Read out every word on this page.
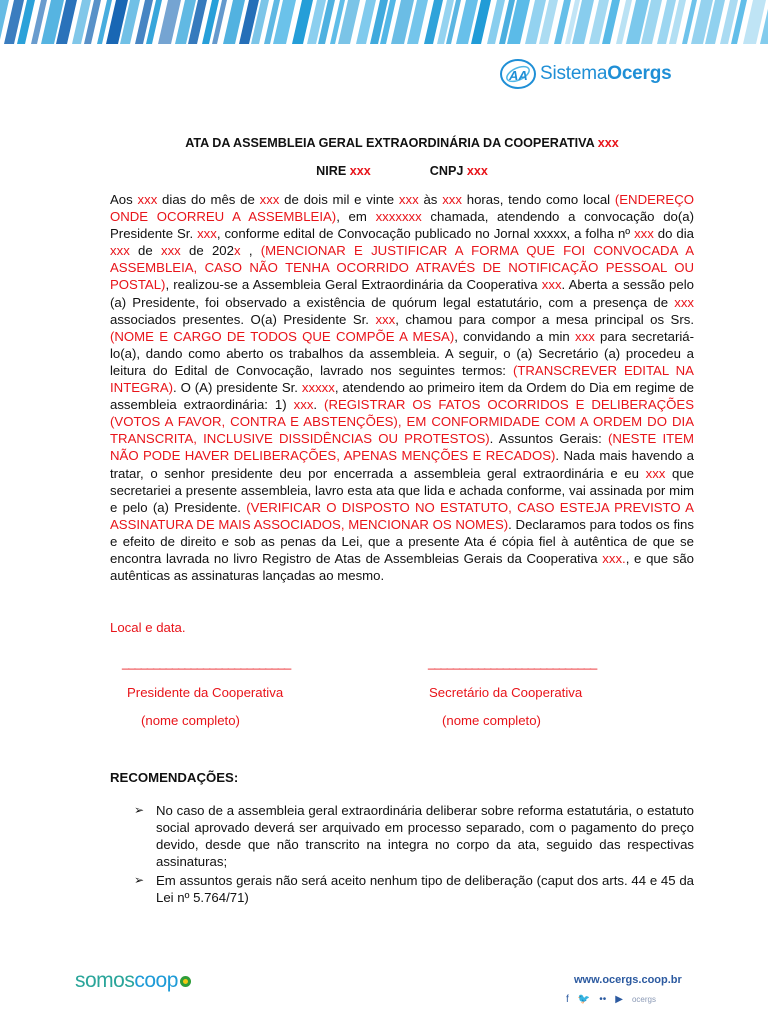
AA SistemaOcergs
ATA DA ASSEMBLEIA GERAL EXTRAORDINÁRIA DA COOPERATIVA xxx
NIRE xxx	CNPJ xxx
Aos xxx dias do mês de xxx de dois mil e vinte xxx às xxx horas, tendo como local (ENDEREÇO ONDE OCORREU A ASSEMBLEIA), em xxxxxxx chamada, atendendo a convocação do(a) Presidente Sr. xxx, conforme edital de Convocação publicado no Jornal xxxxx, a folha nº xxx do dia xxx de xxx de 202x , (MENCIONAR E JUSTIFICAR A FORMA QUE FOI CONVOCADA A ASSEMBLEIA, CASO NÃO TENHA OCORRIDO ATRAVÉS DE NOTIFICAÇÃO PESSOAL OU POSTAL), realizou-se a Assembleia Geral Extraordinária da Cooperativa xxx. Aberta a sessão pelo (a) Presidente, foi observado a existência de quórum legal estatutário, com a presença de xxx associados presentes. O(a) Presidente Sr. xxx, chamou para compor a mesa principal os Srs. (NOME E CARGO DE TODOS QUE COMPÕE A MESA), convidando a min xxx para secretariá-lo(a), dando como aberto os trabalhos da assembleia. A seguir, o (a) Secretário (a) procedeu a leitura do Edital de Convocação, lavrado nos seguintes termos: (TRANSCREVER EDITAL NA INTEGRA). O (A) presidente Sr. xxxxx, atendendo ao primeiro item da Ordem do Dia em regime de assembleia extraordinária: 1) xxx. (REGISTRAR OS FATOS OCORRIDOS E DELIBERAÇÕES (VOTOS A FAVOR, CONTRA E ABSTENÇÕES), EM CONFORMIDADE COM A ORDEM DO DIA TRANSCRITA, INCLUSIVE DISSIDÊNCIAS OU PROTESTOS). Assuntos Gerais: (NESTE ITEM NÃO PODE HAVER DELIBERAÇÕES, APENAS MENÇÕES E RECADOS). Nada mais havendo a tratar, o senhor presidente deu por encerrada a assembleia geral extraordinária e eu xxx que secretariei a presente assembleia, lavro esta ata que lida e achada conforme, vai assinada por mim e pelo (a) Presidente. (VERIFICAR O DISPOSTO NO ESTATUTO, CASO ESTEJA PREVISTO A ASSINATURA DE MAIS ASSOCIADOS, MENCIONAR OS NOMES). Declaramos para todos os fins e efeito de direito e sob as penas da Lei, que a presente Ata é cópia fiel à autêntica de que se encontra lavrada no livro Registro de Atas de Assembleias Gerais da Cooperativa xxx., e que são autênticas as assinaturas lançadas ao mesmo.
Local e data.
___________________________	___________________________
Presidente da Cooperativa	Secretário da Cooperativa
(nome completo)	(nome completo)
RECOMENDAÇÕES:
➢ No caso de a assembleia geral extraordinária deliberar sobre reforma estatutária, o estatuto social aprovado deverá ser arquivado em processo separado, com o pagamento do preço devido, desde que não transcrito na integra no corpo da ata, seguido das respectivas assinaturas;
➢ Em assuntos gerais não será aceito nenhum tipo de deliberação (caput dos arts. 44 e 45 da Lei nº 5.764/71)
somoscoop	www.ocergs.coop.br
f 🐦 •• ▶ ocergs
